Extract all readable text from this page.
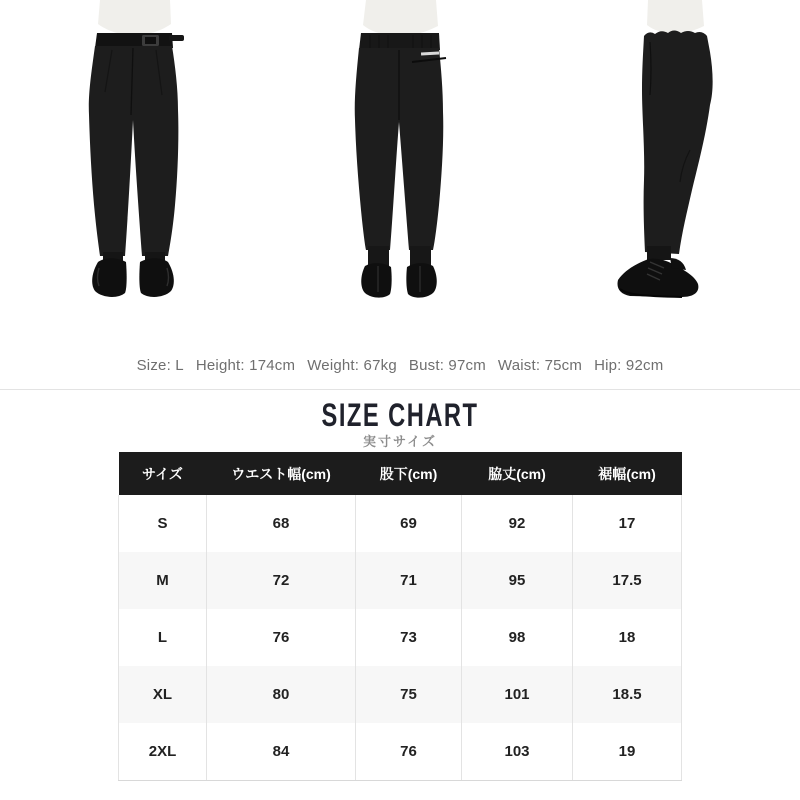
Size: L Height: 174cm Weight: 67kg Bust: 97cm Waist: 75cm Hip: 92cm
SIZE CHART
実寸サイズ
サイズ	ウエスト幅(cm)	股下(cm)	脇丈(cm)	裾幅(cm)
S	68	69	92	17
M	72	71	95	17.5
L	76	73	98	18
XL	80	75	101	18.5
2XL	84	76	103	19
